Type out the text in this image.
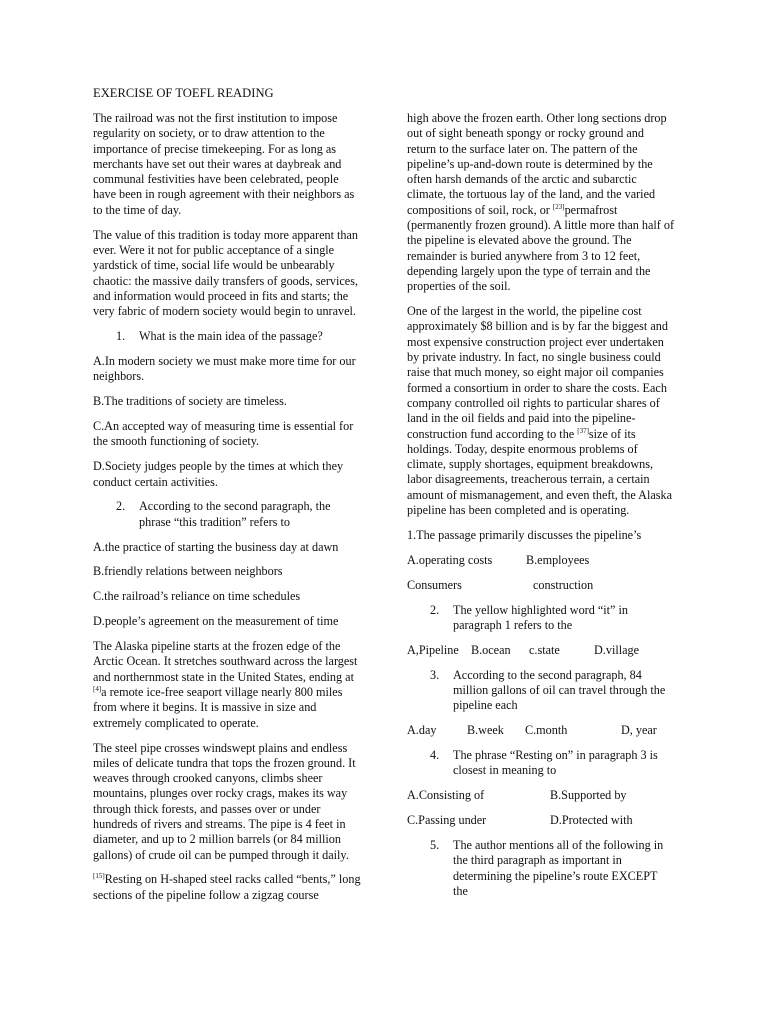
EXERCISE OF TOEFL READING

The railroad was not the first institution to impose regularity on society, or to draw attention to the importance of precise timekeeping. For as long as merchants have set out their wares at daybreak and communal festivities have been celebrated, people have been in rough agreement with their neighbors as to the time of day.

The value of this tradition is today more apparent than ever. Were it not for public acceptance of a single yardstick of time, social life would be unbearably chaotic: the massive daily transfers of goods, services, and information would proceed in fits and starts; the very fabric of modern society would begin to unravel.

1.	What is the main idea of the passage?

A.In modern society we must make more time for our neighbors.

B.The traditions of society are timeless.

C.An accepted way of measuring time is essential for the smooth functioning of society.

D.Society judges people by the times at which they conduct certain activities.

2.	According to the second paragraph, the phrase “this tradition” refers to

A.the practice of starting the business day at dawn

B.friendly relations between neighbors

C.the railroad’s reliance on time schedules

D.people’s agreement on the measurement of time

The Alaska pipeline starts at the frozen edge of the Arctic Ocean. It stretches southward across the largest and northernmost state in the United States, ending at [4]a remote ice-free seaport village nearly 800 miles from where it begins. It is massive in size and extremely complicated to operate.

The steel pipe crosses windswept plains and endless miles of delicate tundra that tops the frozen ground. It weaves through crooked canyons, climbs sheer mountains, plunges over rocky crags, makes its way through thick forests, and passes over or under hundreds of rivers and streams. The pipe is 4 feet in diameter, and up to 2 million barrels (or 84 million gallons) of crude oil can be pumped through it daily.

[15]Resting on H-shaped steel racks called “bents,” long sections of the pipeline follow a zigzag course

high above the frozen earth. Other long sections drop out of sight beneath spongy or rocky ground and return to the surface later on. The pattern of the pipeline’s up-and-down route is determined by the often harsh demands of the arctic and subarctic climate, the tortuous lay of the land, and the varied compositions of soil, rock, or [23]permafrost (permanently frozen ground). A little more than half of the pipeline is elevated above the ground. The remainder is buried anywhere from 3 to 12 feet, depending largely upon the type of terrain and the properties of the soil.

One of the largest in the world, the pipeline cost approximately $8 billion and is by far the biggest and most expensive construction project ever undertaken by private industry. In fact, no single business could raise that much money, so eight major oil companies formed a consortium in order to share the costs. Each company controlled oil rights to particular shares of land in the oil fields and paid into the pipeline-construction fund according to the [37]size of its holdings. Today, despite enormous problems of climate, supply shortages, equipment breakdowns, labor disagreements, treacherous terrain, a certain amount of mismanagement, and even theft, the Alaska pipeline has been completed and is operating.

1.The passage primarily discusses the pipeline’s

A.operating costs	B.employees
Consumers	construction
2.	The yellow highlighted word “it” in paragraph 1 refers to the
A,Pipeline	B.ocean	c.state	D.village
3.	According to the second paragraph, 84 million gallons of oil can travel through the pipeline each
A.day	B.week	C.month	D, year
4.	The phrase “Resting on” in paragraph 3 is closest in meaning to
A.Consisting of	B.Supported by
C.Passing under	D.Protected with
5.	The author mentions all of the following in the third paragraph as important in determining the pipeline’s route EXCEPT the
